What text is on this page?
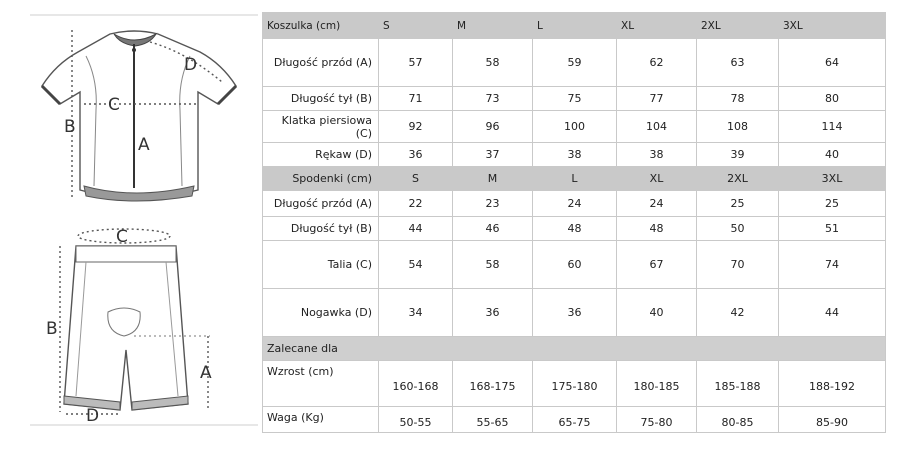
B
C
A
D
C
B
A
D
Koszulka (cm)	S	M	L	XL	2XL	3XL
Długość przód (A)	57	58	59	62	63	64
Długość tył (B)	71	73	75	77	78	80
Klatka piersiowa (C)	92	96	100	104	108	114
Rękaw (D)	36	37	38	38	39	40
Spodenki (cm)	S	M	L	XL	2XL	3XL
Długość przód (A)	22	23	24	24	25	25
Długość tył (B)	44	46	48	48	50	51
Talia (C)	54	58	60	67	70	74
Nogawka (D)	34	36	36	40	42	44
Zalecane dla						
Wzrost (cm)	160-168	168-175	175-180	180-185	185-188	188-192
Waga (Kg)	50-55	55-65	65-75	75-80	80-85	85-90
